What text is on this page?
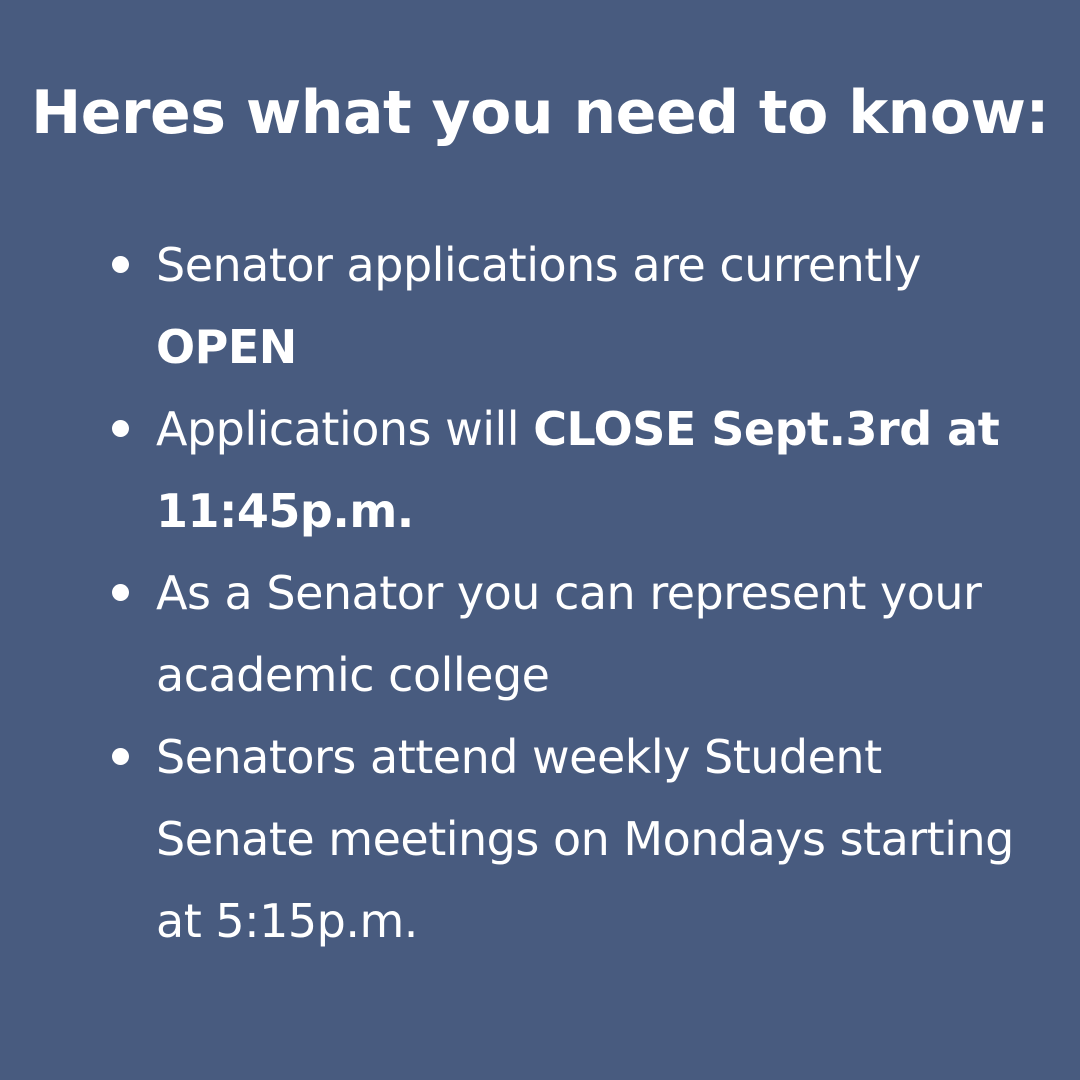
Heres what you need to know:
Senator applications are currently OPEN
Applications will CLOSE Sept.3rd at 11:45p.m.
As a Senator you can represent your academic college
Senators attend weekly Student Senate meetings on Mondays starting at 5:15p.m.
